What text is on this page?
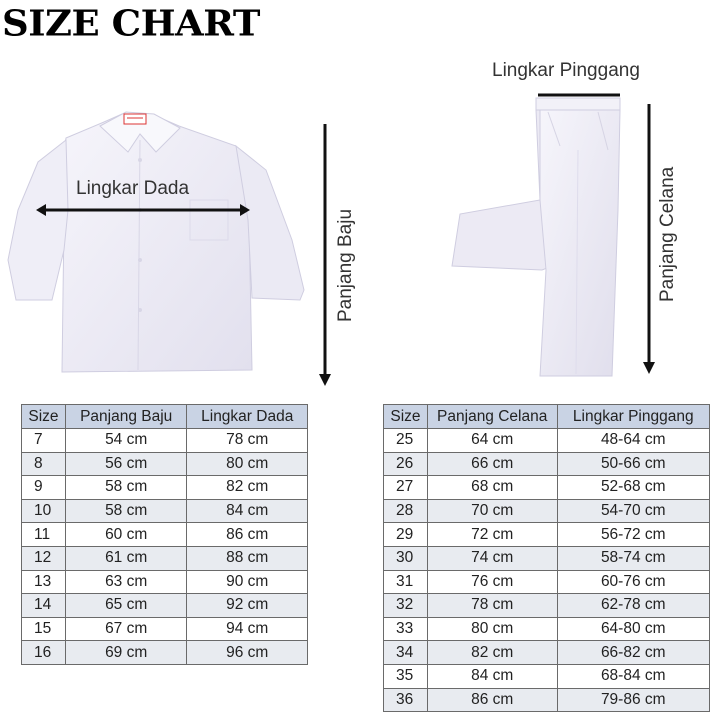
SIZE CHART
Lingkar Dada
Panjang Baju
Lingkar Pinggang
Panjang Celana
Size	Panjang Baju	Lingkar Dada
7	54 cm	78 cm
8	56 cm	80 cm
9	58 cm	82 cm
10	58 cm	84 cm
11	60 cm	86 cm
12	61 cm	88 cm
13	63 cm	90 cm
14	65 cm	92 cm
15	67 cm	94 cm
16	69 cm	96 cm
Size	Panjang Celana	Lingkar Pinggang
25	64 cm	48-64 cm
26	66 cm	50-66 cm
27	68 cm	52-68 cm
28	70 cm	54-70 cm
29	72 cm	56-72 cm
30	74 cm	58-74 cm
31	76 cm	60-76 cm
32	78 cm	62-78 cm
33	80 cm	64-80 cm
34	82 cm	66-82 cm
35	84 cm	68-84 cm
36	86 cm	79-86 cm
